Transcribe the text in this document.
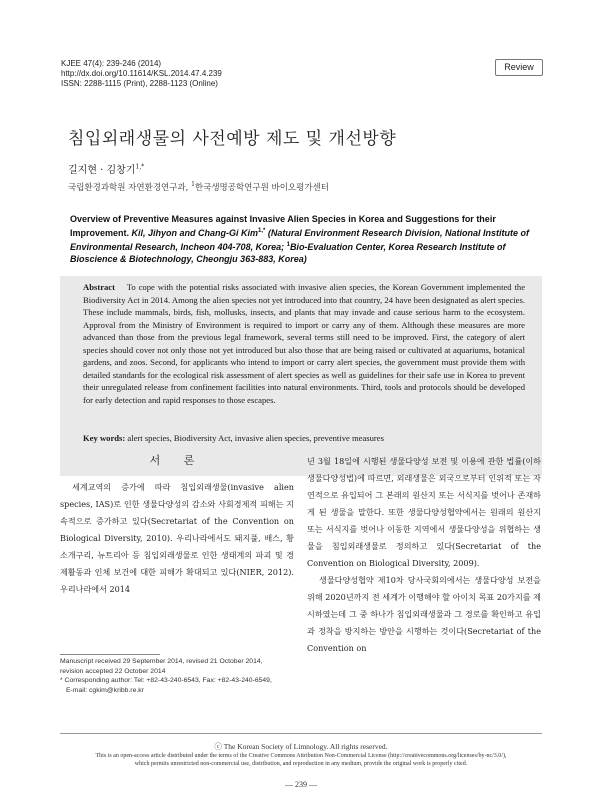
KJEE 47(4): 239-246 (2014)
http://dx.doi.org/10.11614/KSL.2014.47.4.239
ISSN: 2288-1115 (Print), 2288-1123 (Online)
Review
침입외래생물의 사전예방 제도 및 개선방향
길지현 · 김창기$^{1,*}$
국립환경과학원 자연환경연구과, $^1$한국생명공학연구원 바이오평가센터
Overview of Preventive Measures against Invasive Alien Species in Korea and Suggestions for their Improvement. Kil, Jihyon and Chang-Gi Kim$^{1,*}$ (Natural Environment Research Division, National Institute of Environmental Research, Incheon 404-708, Korea; $^1$Bio-Evaluation Center, Korea Research Institute of Bioscience & Biotechnology, Cheongju 363-883, Korea)
Abstract To cope with the potential risks associated with invasive alien species, the Korean Government implemented the Biodiversity Act in 2014. Among the alien species not yet introduced into that country, 24 have been designated as alert species. These include mammals, birds, fish, mollusks, insects, and plants that may invade and cause serious harm to the ecosystem. Approval from the Ministry of Environment is required to import or carry any of them. Although these measures are more advanced than those from the previous legal framework, several terms still need to be improved. First, the category of alert species should cover not only those not yet introduced but also those that are being raised or cultivated at aquariums, botanical gardens, and zoos. Second, for applicants who intend to import or carry alert species, the government must provide them with detailed standards for the ecological risk assessment of alert species as well as guidelines for their safe use in Korea to prevent their unregulated release from confinement facilities into natural environments. Third, tools and protocols should be developed for early detection and rapid responses to those escapes.
Key words: alert species, Biodiversity Act, invasive alien species, preventive measures
서 론

세계교역의 증가에 따라 침입외래생물(invasive alien species, IAS)로 인한 생물다양성의 감소와 사회경제적 피해는 지속적으로 증가하고 있다(Secretariat of the Convention on Biological Diversity, 2010). 우리나라에서도 돼지풀, 배스, 황소개구리, 뉴트리아 등 침입외래생물로 인한 생태계의 파괴 및 경제활동과 인체 보건에 대한 피해가 확대되고 있다(NIER, 2012). 우리나라에서 2014

년 3월 18일에 시행된 생물다양성 보전 및 이용에 관한 법률(이하 생물다양성법)에 따르면, 외래생물은 외국으로부터 인위적 또는 자연적으로 유입되어 그 본래의 원산지 또는 서식지를 벗어나 존재하게 된 생물을 말한다. 또한 생물다양성협약에서는 원래의 원산지 또는 서식지를 벗어나 이동한 지역에서 생물다양성을 위협하는 생물을 침입외래생물로 정의하고 있다(Secretariat of the Convention on Biological Diversity, 2009).

생물다양성협약 제10차 당사국회의에서는 생물다양성 보전을 위해 2020년까지 전 세계가 이행해야 할 아이치 목표 20가지를 제시하였는데 그 중 하나가 침입외래생물과 그 경로를 확인하고 유입과 정착을 방지하는 방안을 시행하는 것이다(Secretariat of the Convention on

Manuscript received 29 September 2014, revised 21 October 2014,
revision accepted 22 October 2014
* Corresponding author: Tel: +82-43-240-6543, Fax: +82-43-240-6549,
E-mail: cgkim@kribb.re.kr
ⓒ The Korean Society of Limnology. All rights reserved.
This is an open-access article distributed under the terms of the Creative Commons Attribution Non-Commercial License (http://creativecommons.org/licenses/by-nc/3.0/),
which permits unrestricted non-commercial use, distribution, and reproduction in any medium, provide the original work is properly cited.
— 239 —
